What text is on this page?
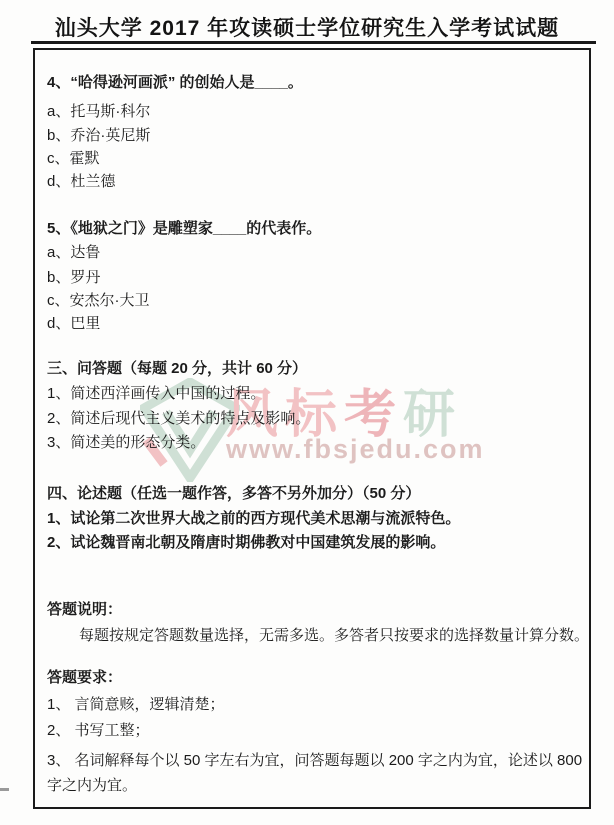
风标考研
www.fbsjedu.com
汕头大学 2017 年攻读硕士学位研究生入学考试试题
4、“哈得逊河画派” 的创始人是____。
a、托马斯·科尔
b、乔治·英尼斯
c、霍默
d、杜兰德
5、《地狱之门》是雕塑家____的代表作。
a、达鲁
b、罗丹
c、安杰尔·大卫
d、巴里
三、问答题（每题 20 分，共计 60 分）
1、简述西洋画传入中国的过程。
2、简述后现代主义美术的特点及影响。
3、简述美的形态分类。
四、论述题（任选一题作答，多答不另外加分）（50 分）
1、试论第二次世界大战之前的西方现代美术思潮与流派特色。
2、试论魏晋南北朝及隋唐时期佛教对中国建筑发展的影响。
答题说明：
每题按规定答题数量选择，无需多选。多答者只按要求的选择数量计算分数。
答题要求：
1、 言简意赅，逻辑清楚；
2、 书写工整；
3、 名词解释每个以 50 字左右为宜，问答题每题以 200 字之内为宜，论述以 800 字之内为宜。
